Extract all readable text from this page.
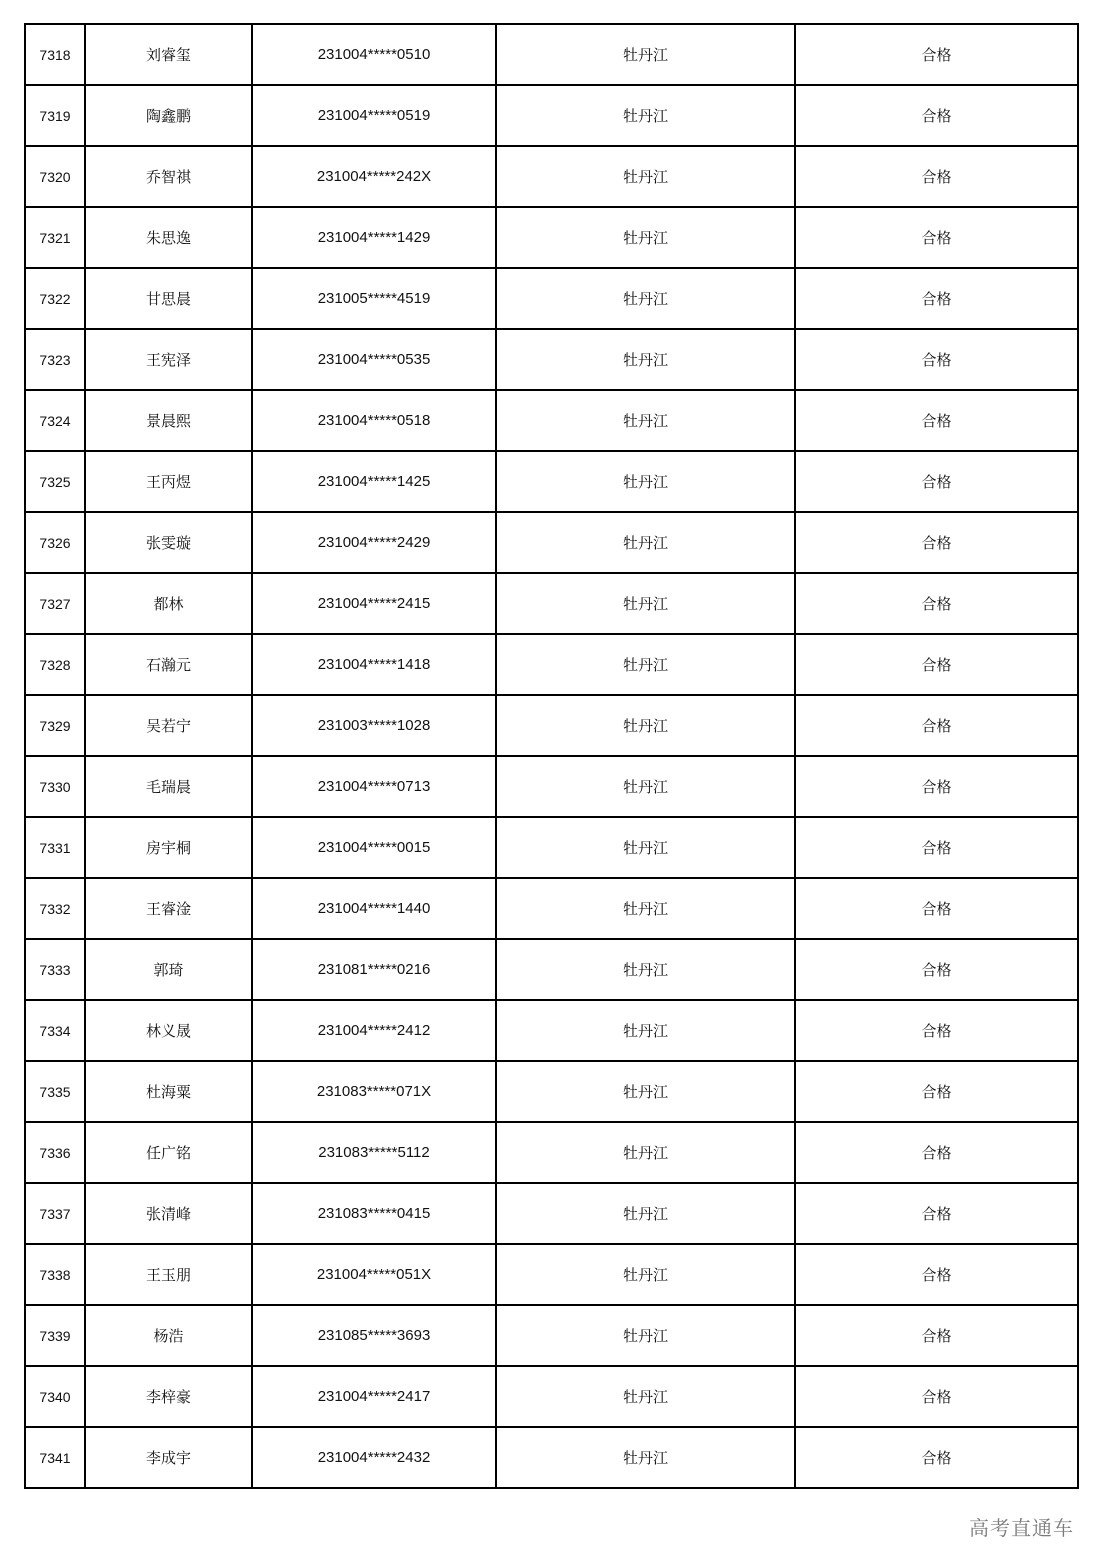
7318	刘睿玺	231004*****0510	牡丹江	合格
7319	陶鑫鹏	231004*****0519	牡丹江	合格
7320	乔智祺	231004*****242X	牡丹江	合格
7321	朱思逸	231004*****1429	牡丹江	合格
7322	甘思晨	231005*****4519	牡丹江	合格
7323	王宪泽	231004*****0535	牡丹江	合格
7324	景晨熙	231004*****0518	牡丹江	合格
7325	王丙煜	231004*****1425	牡丹江	合格
7326	张雯璇	231004*****2429	牡丹江	合格
7327	都林	231004*****2415	牡丹江	合格
7328	石瀚元	231004*****1418	牡丹江	合格
7329	吴若宁	231003*****1028	牡丹江	合格
7330	毛瑞晨	231004*****0713	牡丹江	合格
7331	房宇桐	231004*****0015	牡丹江	合格
7332	王睿淦	231004*****1440	牡丹江	合格
7333	郭琦	231081*****0216	牡丹江	合格
7334	林义晟	231004*****2412	牡丹江	合格
7335	杜海粟	231083*****071X	牡丹江	合格
7336	任广铭	231083*****5112	牡丹江	合格
7337	张清峰	231083*****0415	牡丹江	合格
7338	王玉朋	231004*****051X	牡丹江	合格
7339	杨浩	231085*****3693	牡丹江	合格
7340	李梓豪	231004*****2417	牡丹江	合格
7341	李成宇	231004*****2432	牡丹江	合格
高考直通车
